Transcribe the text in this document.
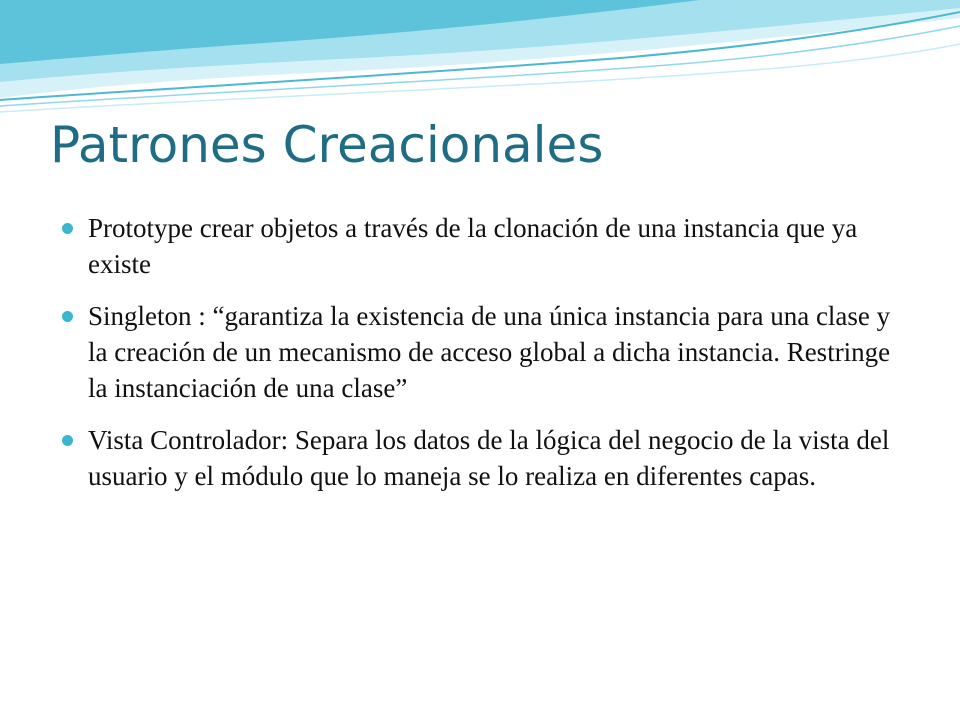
Patrones Creacionales
Prototype crear objetos a través de la clonación de una instancia que ya existe
Singleton : “garantiza la existencia de una única instancia para una clase y la creación de un mecanismo de acceso global a dicha instancia. Restringe la instanciación de una clase”
Vista Controlador: Separa los datos de la lógica del negocio de la vista del usuario y el módulo que lo maneja se lo realiza en diferentes capas.
